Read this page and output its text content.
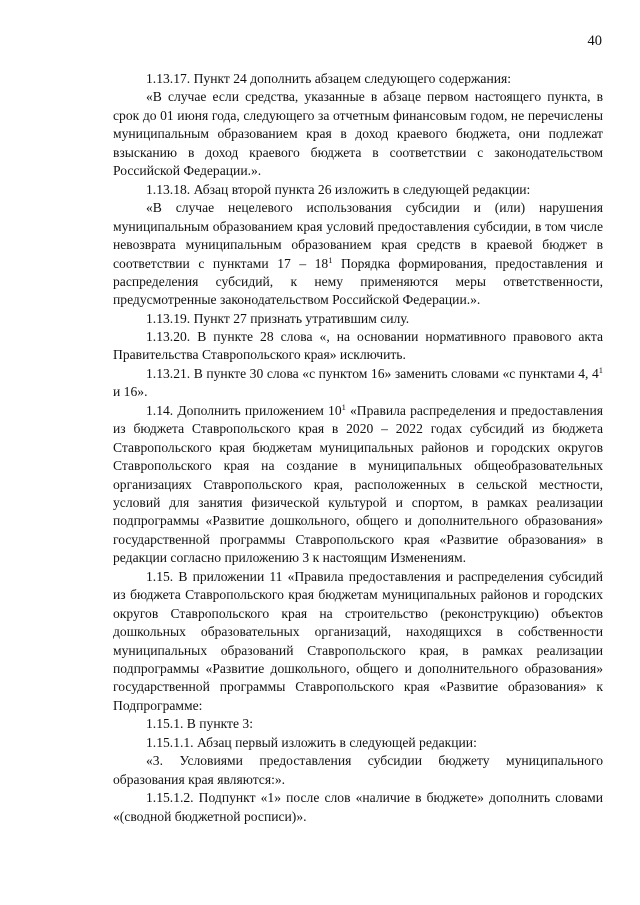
40

1.13.17. Пункт 24 дополнить абзацем следующего содержания:

«В случае если средства, указанные в абзаце первом настоящего пункта, в срок до 01 июня года, следующего за отчетным финансовым годом, не перечислены муниципальным образованием края в доход краевого бюджета, они подлежат взысканию в доход краевого бюджета в соответствии с законодательством Российской Федерации.».

1.13.18. Абзац второй пункта 26 изложить в следующей редакции:

«В случае нецелевого использования субсидии и (или) нарушения муниципальным образованием края условий предоставления субсидии, в том числе невозврата муниципальным образованием края средств в краевой бюджет в соответствии с пунктами $17 - 18^1$ Порядка формирования, предоставления и распределения субсидий, к нему применяются меры ответственности, предусмотренные законодательством Российской Федерации.».

1.13.19. Пункт 27 признать утратившим силу.

1.13.20. В пункте 28 слова «, на основании нормативного правового акта Правительства Ставропольского края» исключить.

1.13.21. В пункте 30 слова «с пунктом 16» заменить словами «с пунктами 4, $4^1$ и 16».

1.14. Дополнить приложением $10^1$ «Правила распределения и предоставления из бюджета Ставропольского края в 2020 – 2022 годах субсидий из бюджета Ставропольского края бюджетам муниципальных районов и городских округов Ставропольского края на создание в муниципальных общеобразовательных организациях Ставропольского края, расположенных в сельской местности, условий для занятия физической культурой и спортом, в рамках реализации подпрограммы «Развитие дошкольного, общего и дополнительного образования» государственной программы Ставропольского края «Развитие образования» в редакции согласно приложению 3 к настоящим Изменениям.

1.15. В приложении 11 «Правила предоставления и распределения субсидий из бюджета Ставропольского края бюджетам муниципальных районов и городских округов Ставропольского края на строительство (реконструкцию) объектов дошкольных образовательных организаций, находящихся в собственности муниципальных образований Ставропольского края, в рамках реализации подпрограммы «Развитие дошкольного, общего и дополнительного образования» государственной программы Ставропольского края «Развитие образования» к Подпрограмме:

1.15.1. В пункте 3:

1.15.1.1. Абзац первый изложить в следующей редакции:

«3. Условиями предоставления субсидии бюджету муниципального образования края являются:».

1.15.1.2. Подпункт «1» после слов «наличие в бюджете» дополнить словами «(сводной бюджетной росписи)».
